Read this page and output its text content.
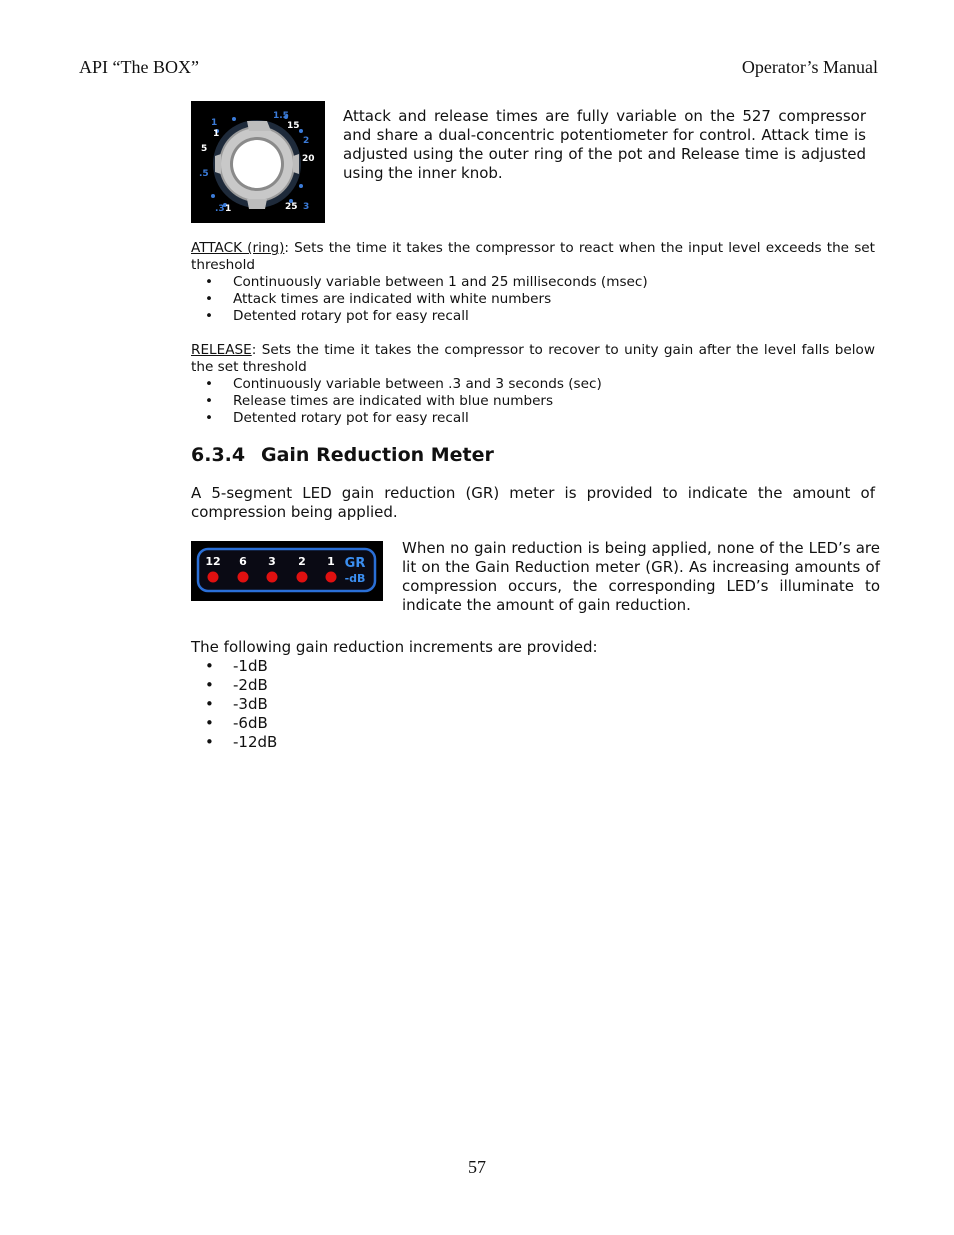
API “The BOX”	Operator’s Manual
5
1
1
15
20
25
.3
.5
1
1.5
2
3
Attack and release times are fully variable on the 527 compressor and share a dual-concentric potentiometer for control. Attack time is adjusted using the outer ring of the pot and Release time is adjusted using the inner knob.
ATTACK (ring): Sets the time it takes the compressor to react when the input level exceeds the set threshold
• Continuously variable between 1 and 25 milliseconds (msec)
• Attack times are indicated with white numbers
• Detented rotary pot for easy recall
RELEASE: Sets the time it takes the compressor to recover to unity gain after the level falls below the set threshold
• Continuously variable between .3 and 3 seconds (sec)
• Release times are indicated with blue numbers
• Detented rotary pot for easy recall
6.3.4 Gain Reduction Meter
A 5-segment LED gain reduction (GR) meter is provided to indicate the amount of compression being applied.
12 6 3 2 1 GR
-dB
When no gain reduction is being applied, none of the LED’s are lit on the Gain Reduction meter (GR). As increasing amounts of compression occurs, the corresponding LED’s illuminate to indicate the amount of gain reduction.
The following gain reduction increments are provided:
• -1dB
• -2dB
• -3dB
• -6dB
• -12dB
57
